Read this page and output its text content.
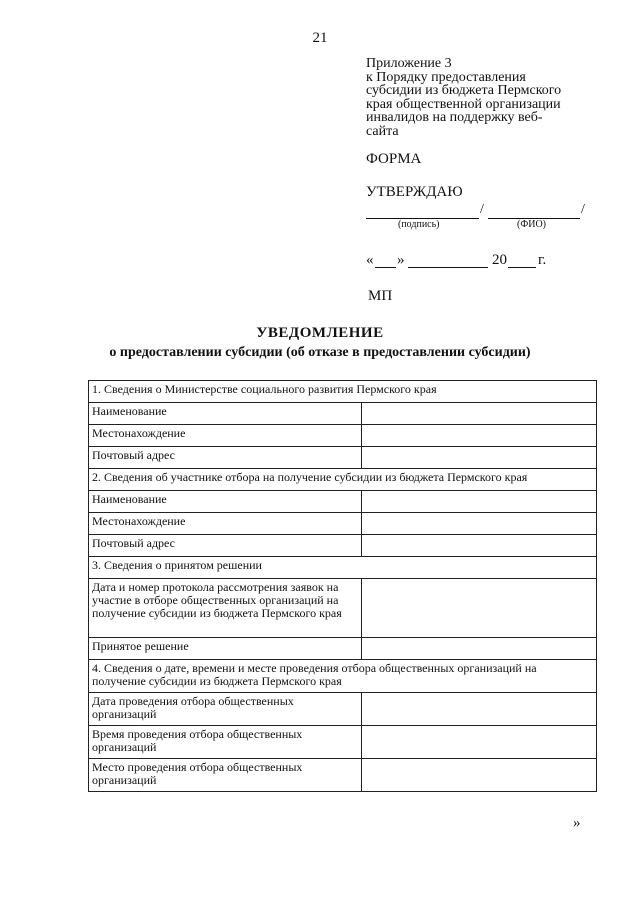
21
Приложение 3
к Порядку предоставления
субсидии из бюджета Пермского
края общественной организации
инвалидов на поддержку веб-
сайта
ФОРМА
УТВЕРЖДАЮ
/	/
(подпись)	(ФИО)
« »	20 г.
МП
УВЕДОМЛЕНИЕ
о предоставлении субсидии (об отказе в предоставлении субсидии)
1. Сведения о Министерстве социального развития Пермского края	
Наименование	
Местонахождение	
Почтовый адрес	
2. Сведения об участнике отбора на получение субсидии из бюджета Пермского края	
Наименование	
Местонахождение	
Почтовый адрес	
3. Сведения о принятом решении	
Дата и номер протокола рассмотрения заявок на участие в отборе общественных организаций на получение субсидии из бюджета Пермского края	
Принятое решение	
4. Сведения о дате, времени и месте проведения отбора общественных организаций на получение субсидии из бюджета Пермского края	
Дата проведения отбора общественных организаций	
Время проведения отбора общественных организаций	
Место проведения отбора общественных организаций	
»
